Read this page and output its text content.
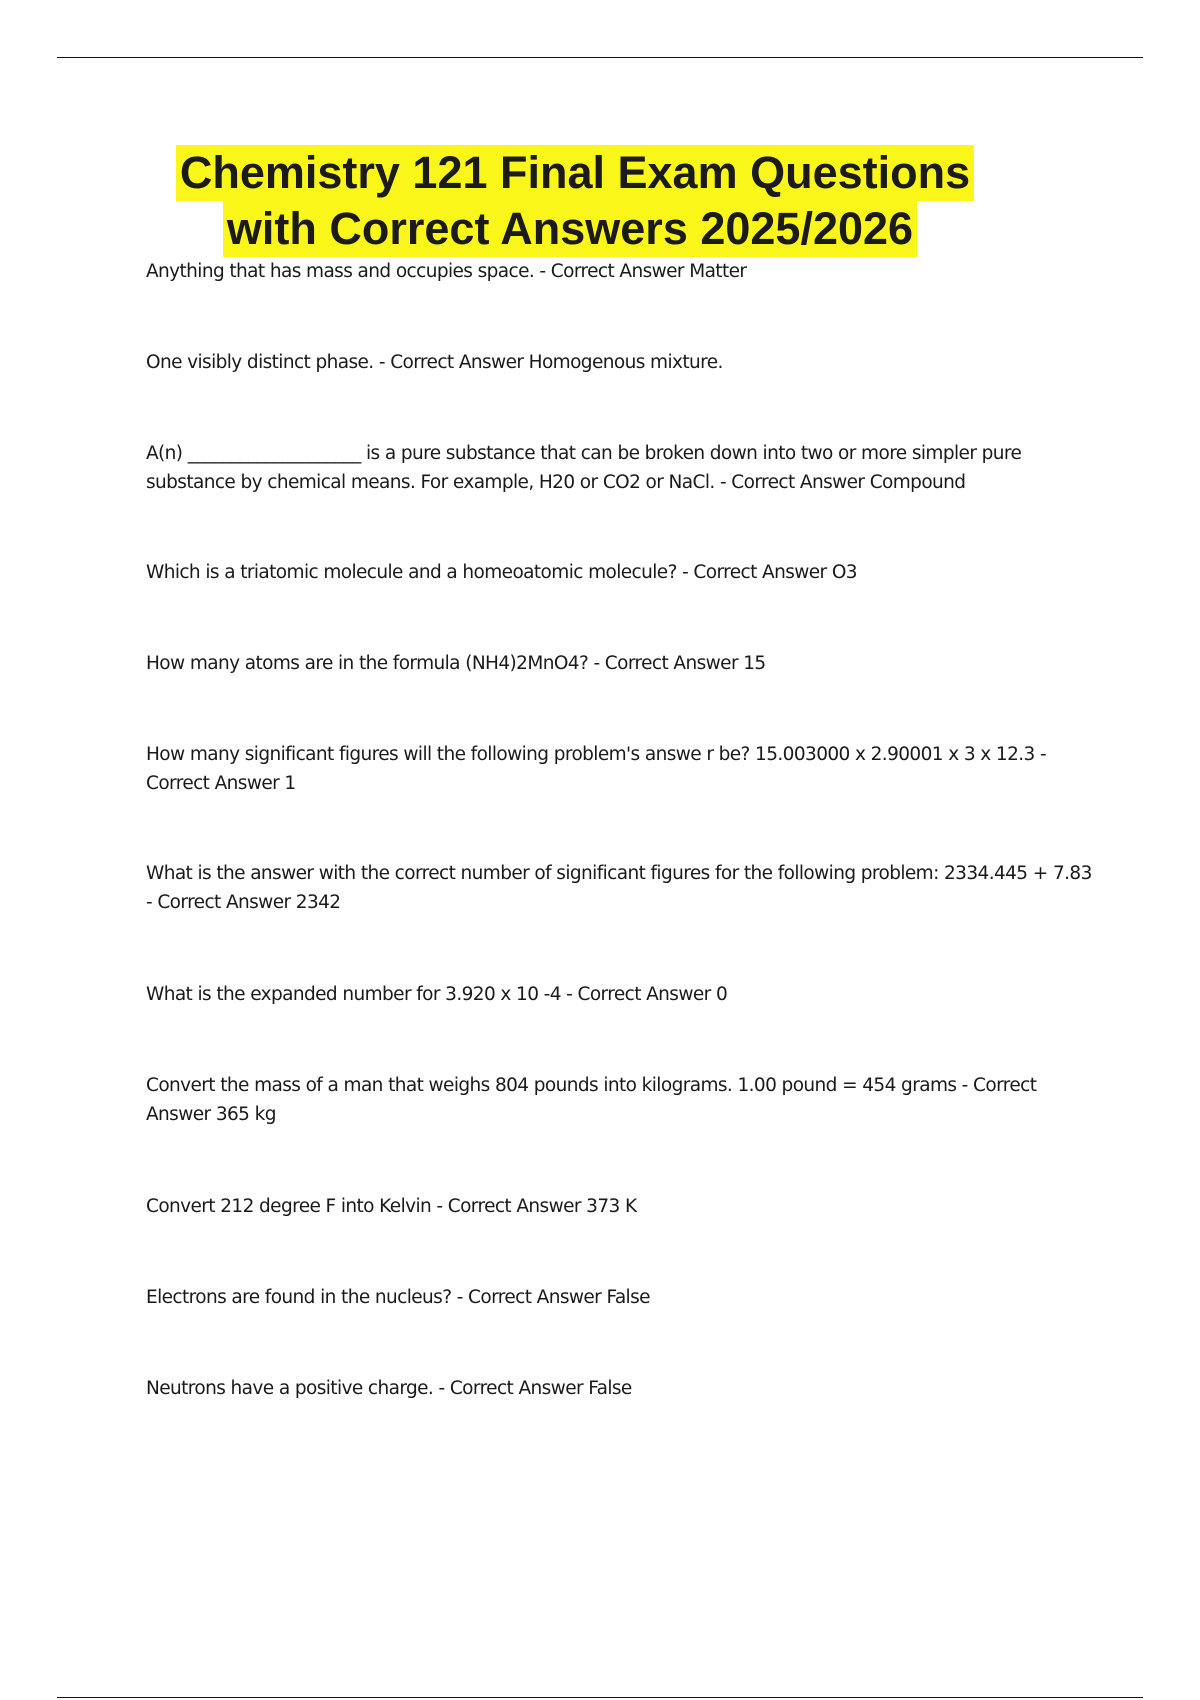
Chemistry 121 Final Exam Questions
with Correct Answers 2025/2026

Anything that has mass and occupies space. - Correct Answer Matter

One visibly distinct phase. - Correct Answer Homogenous mixture.

A(n) ____________________ is a pure substance that can be broken down into two or more simpler pure substance by chemical means. For example, H20 or CO2 or NaCl. - Correct Answer Compound

Which is a triatomic molecule and a homeoatomic molecule? - Correct Answer O3

How many atoms are in the formula (NH4)2MnO4? - Correct Answer 15

How many significant figures will the following problem's answe r be? 15.003000 x 2.90001 x 3 x 12.3 - Correct Answer 1

What is the answer with the correct number of significant figures for the following problem: 2334.445 + 7.83 - Correct Answer 2342

What is the expanded number for 3.920 x 10 -4 - Correct Answer 0

Convert the mass of a man that weighs 804 pounds into kilograms. 1.00 pound = 454 grams - Correct Answer 365 kg

Convert 212 degree F into Kelvin - Correct Answer 373 K

Electrons are found in the nucleus? - Correct Answer False

Neutrons have a positive charge. - Correct Answer False
